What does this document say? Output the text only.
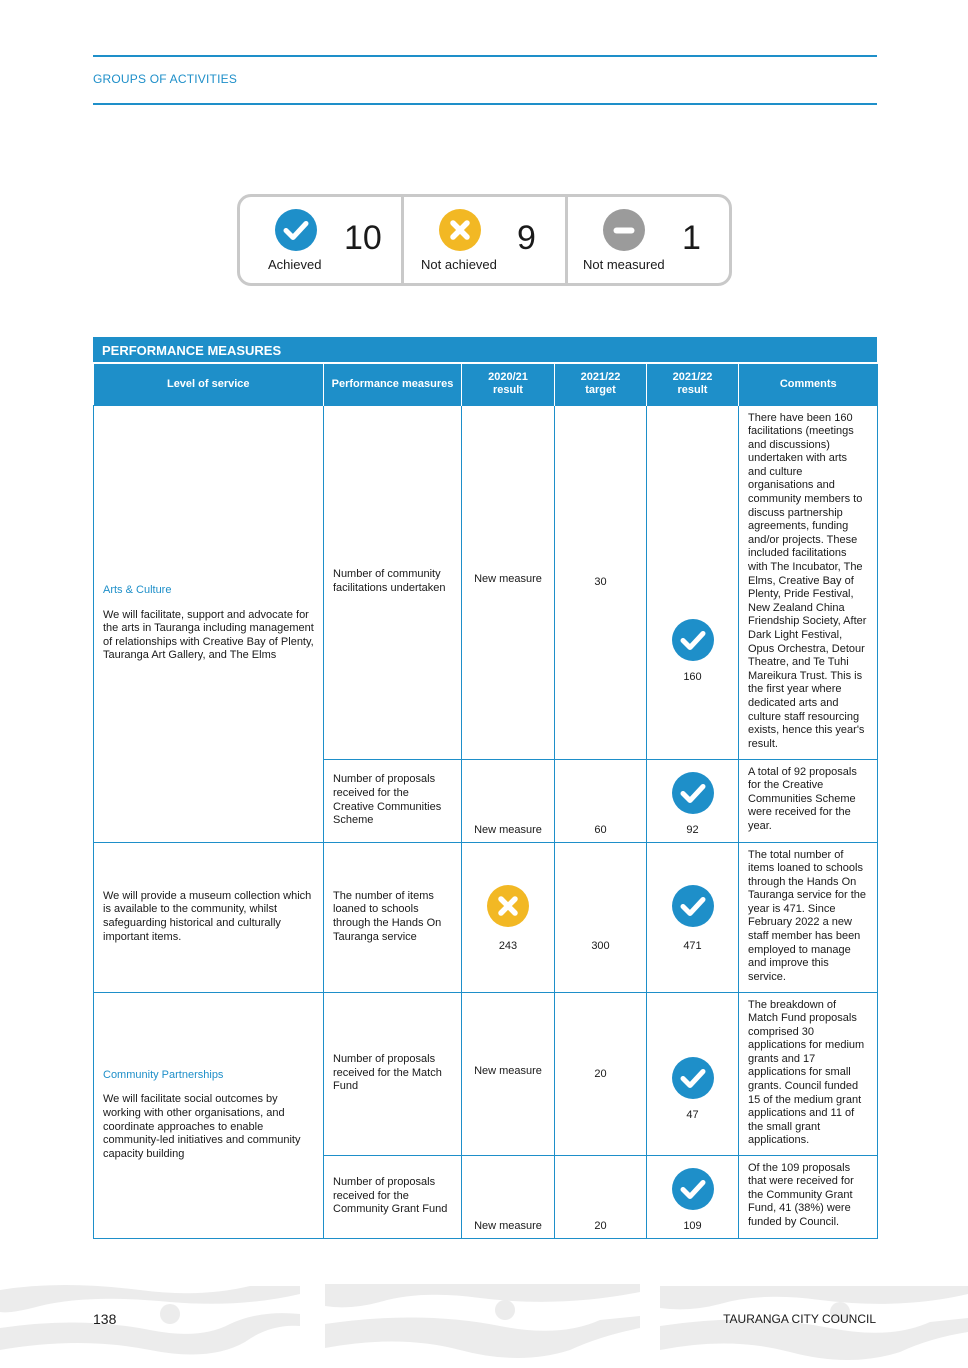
GROUPS OF ACTIVITIES
10
Achieved
9
Not achieved
1
Not measured
PERFORMANCE MEASURES
Level of service	Performance measures	2020/21 result	2021/22 target	2021/22 result	Comments

Arts & Culture
We will facilitate, support and advocate for the arts in Tauranga including management of relationships with Creative Bay of Plenty, Tauranga Art Gallery, and The Elms	Number of community facilitations undertaken	New measure	30	160	There have been 160 facilitations (meetings and discussions) undertaken with arts and culture organisations and community members to discuss partnership agreements, funding and/or projects. These included facilitations with The Incubator, The Elms, Creative Bay of Plenty, Pride Festival, New Zealand China Friendship Society, After Dark Light Festival, Opus Orchestra, Detour Theatre, and Te Tuhi Mareikura Trust. This is the first year where dedicated arts and culture staff resourcing exists, hence this year's result.
	Number of proposals received for the Creative Communities Scheme	New measure	60	92	A total of 92 proposals for the Creative Communities Scheme were received for the year.
We will provide a museum collection which is available to the community, whilst safeguarding historical and culturally important items.	The number of items loaned to schools through the Hands On Tauranga service	243	300	471	The total number of items loaned to schools through the Hands On Tauranga service for the year is 471. Since February 2022 a new staff member has been employed to manage and improve this service.

Community Partnerships
We will facilitate social outcomes by working with other organisations, and coordinate approaches to enable community-led initiatives and community capacity building	Number of proposals received for the Match Fund	New measure	20	47	The breakdown of Match Fund proposals comprised 30 applications for medium grants and 17 applications for small grants. Council funded 15 of the medium grant applications and 11 of the small grant applications.
	Number of proposals received for the Community Grant Fund	New measure	20	109	Of the 109 proposals that were received for the Community Grant Fund, 41 (38%) were funded by Council.
138	TAURANGA CITY COUNCIL
